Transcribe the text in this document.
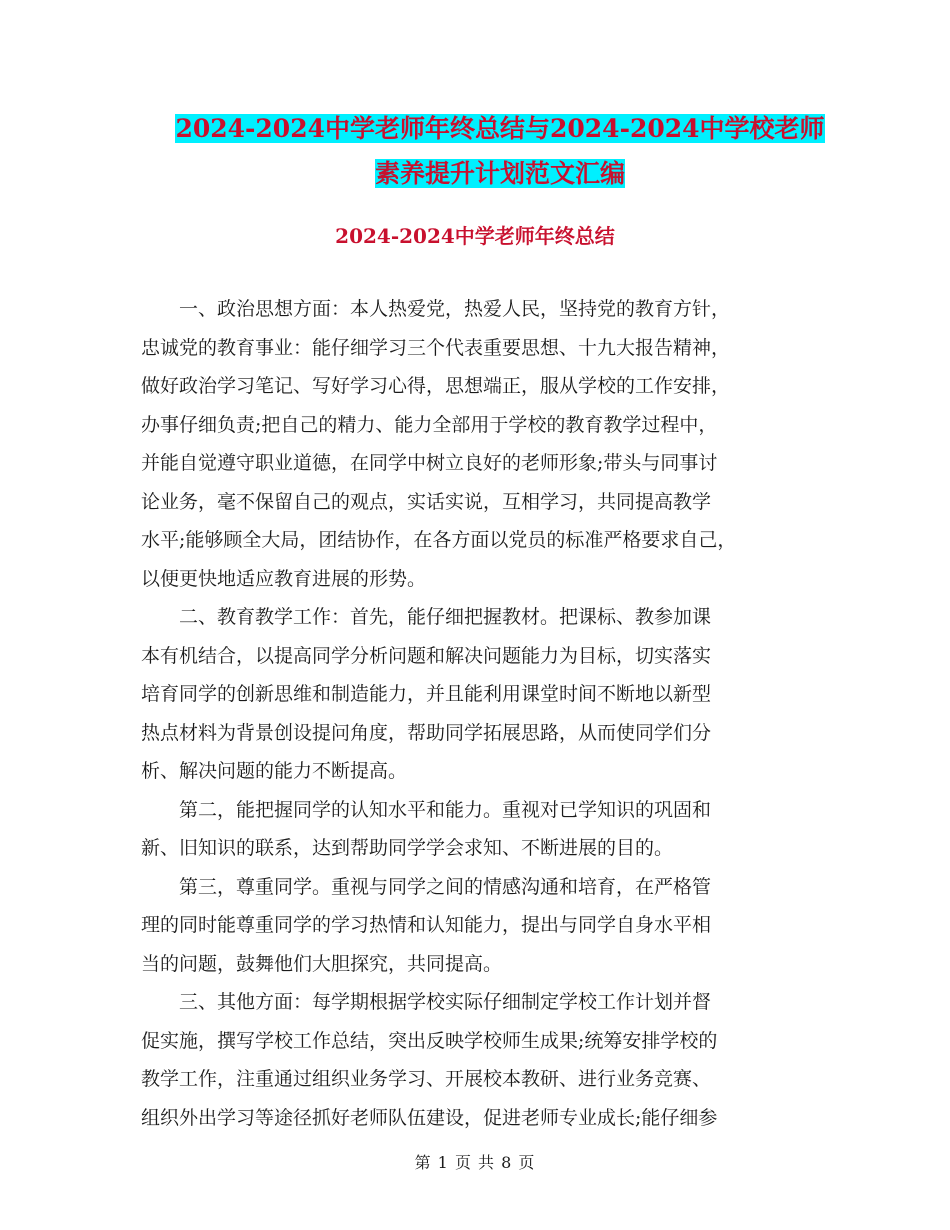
2024-2024中学老师年终总结与2024-2024中学校老师
素养提升计划范文汇编
2024-2024中学老师年终总结

一、政治思想方面：本人热爱党，热爱人民，坚持党的教育方针，
忠诚党的教育事业：能仔细学习三个代表重要思想、十九大报告精神，
做好政治学习笔记、写好学习心得，思想端正，服从学校的工作安排，
办事仔细负责;把自己的精力、能力全部用于学校的教育教学过程中，
并能自觉遵守职业道德，在同学中树立良好的老师形象;带头与同事讨
论业务，毫不保留自己的观点，实话实说，互相学习，共同提高教学
水平;能够顾全大局，团结协作，在各方面以党员的标准严格要求自己，
以便更快地适应教育进展的形势。

二、教育教学工作：首先，能仔细把握教材。把课标、教参加课
本有机结合，以提高同学分析问题和解决问题能力为目标，切实落实
培育同学的创新思维和制造能力，并且能利用课堂时间不断地以新型
热点材料为背景创设提问角度，帮助同学拓展思路，从而使同学们分
析、解决问题的能力不断提高。

第二，能把握同学的认知水平和能力。重视对已学知识的巩固和
新、旧知识的联系，达到帮助同学学会求知、不断进展的目的。

第三，尊重同学。重视与同学之间的情感沟通和培育，在严格管
理的同时能尊重同学的学习热情和认知能力，提出与同学自身水平相
当的问题，鼓舞他们大胆探究，共同提高。

三、其他方面：每学期根据学校实际仔细制定学校工作计划并督
促实施，撰写学校工作总结，突出反映学校师生成果;统筹安排学校的
教学工作，注重通过组织业务学习、开展校本教研、进行业务竞赛、
组织外出学习等途径抓好老师队伍建设，促进老师专业成长;能仔细参

第 1 页 共 8 页
